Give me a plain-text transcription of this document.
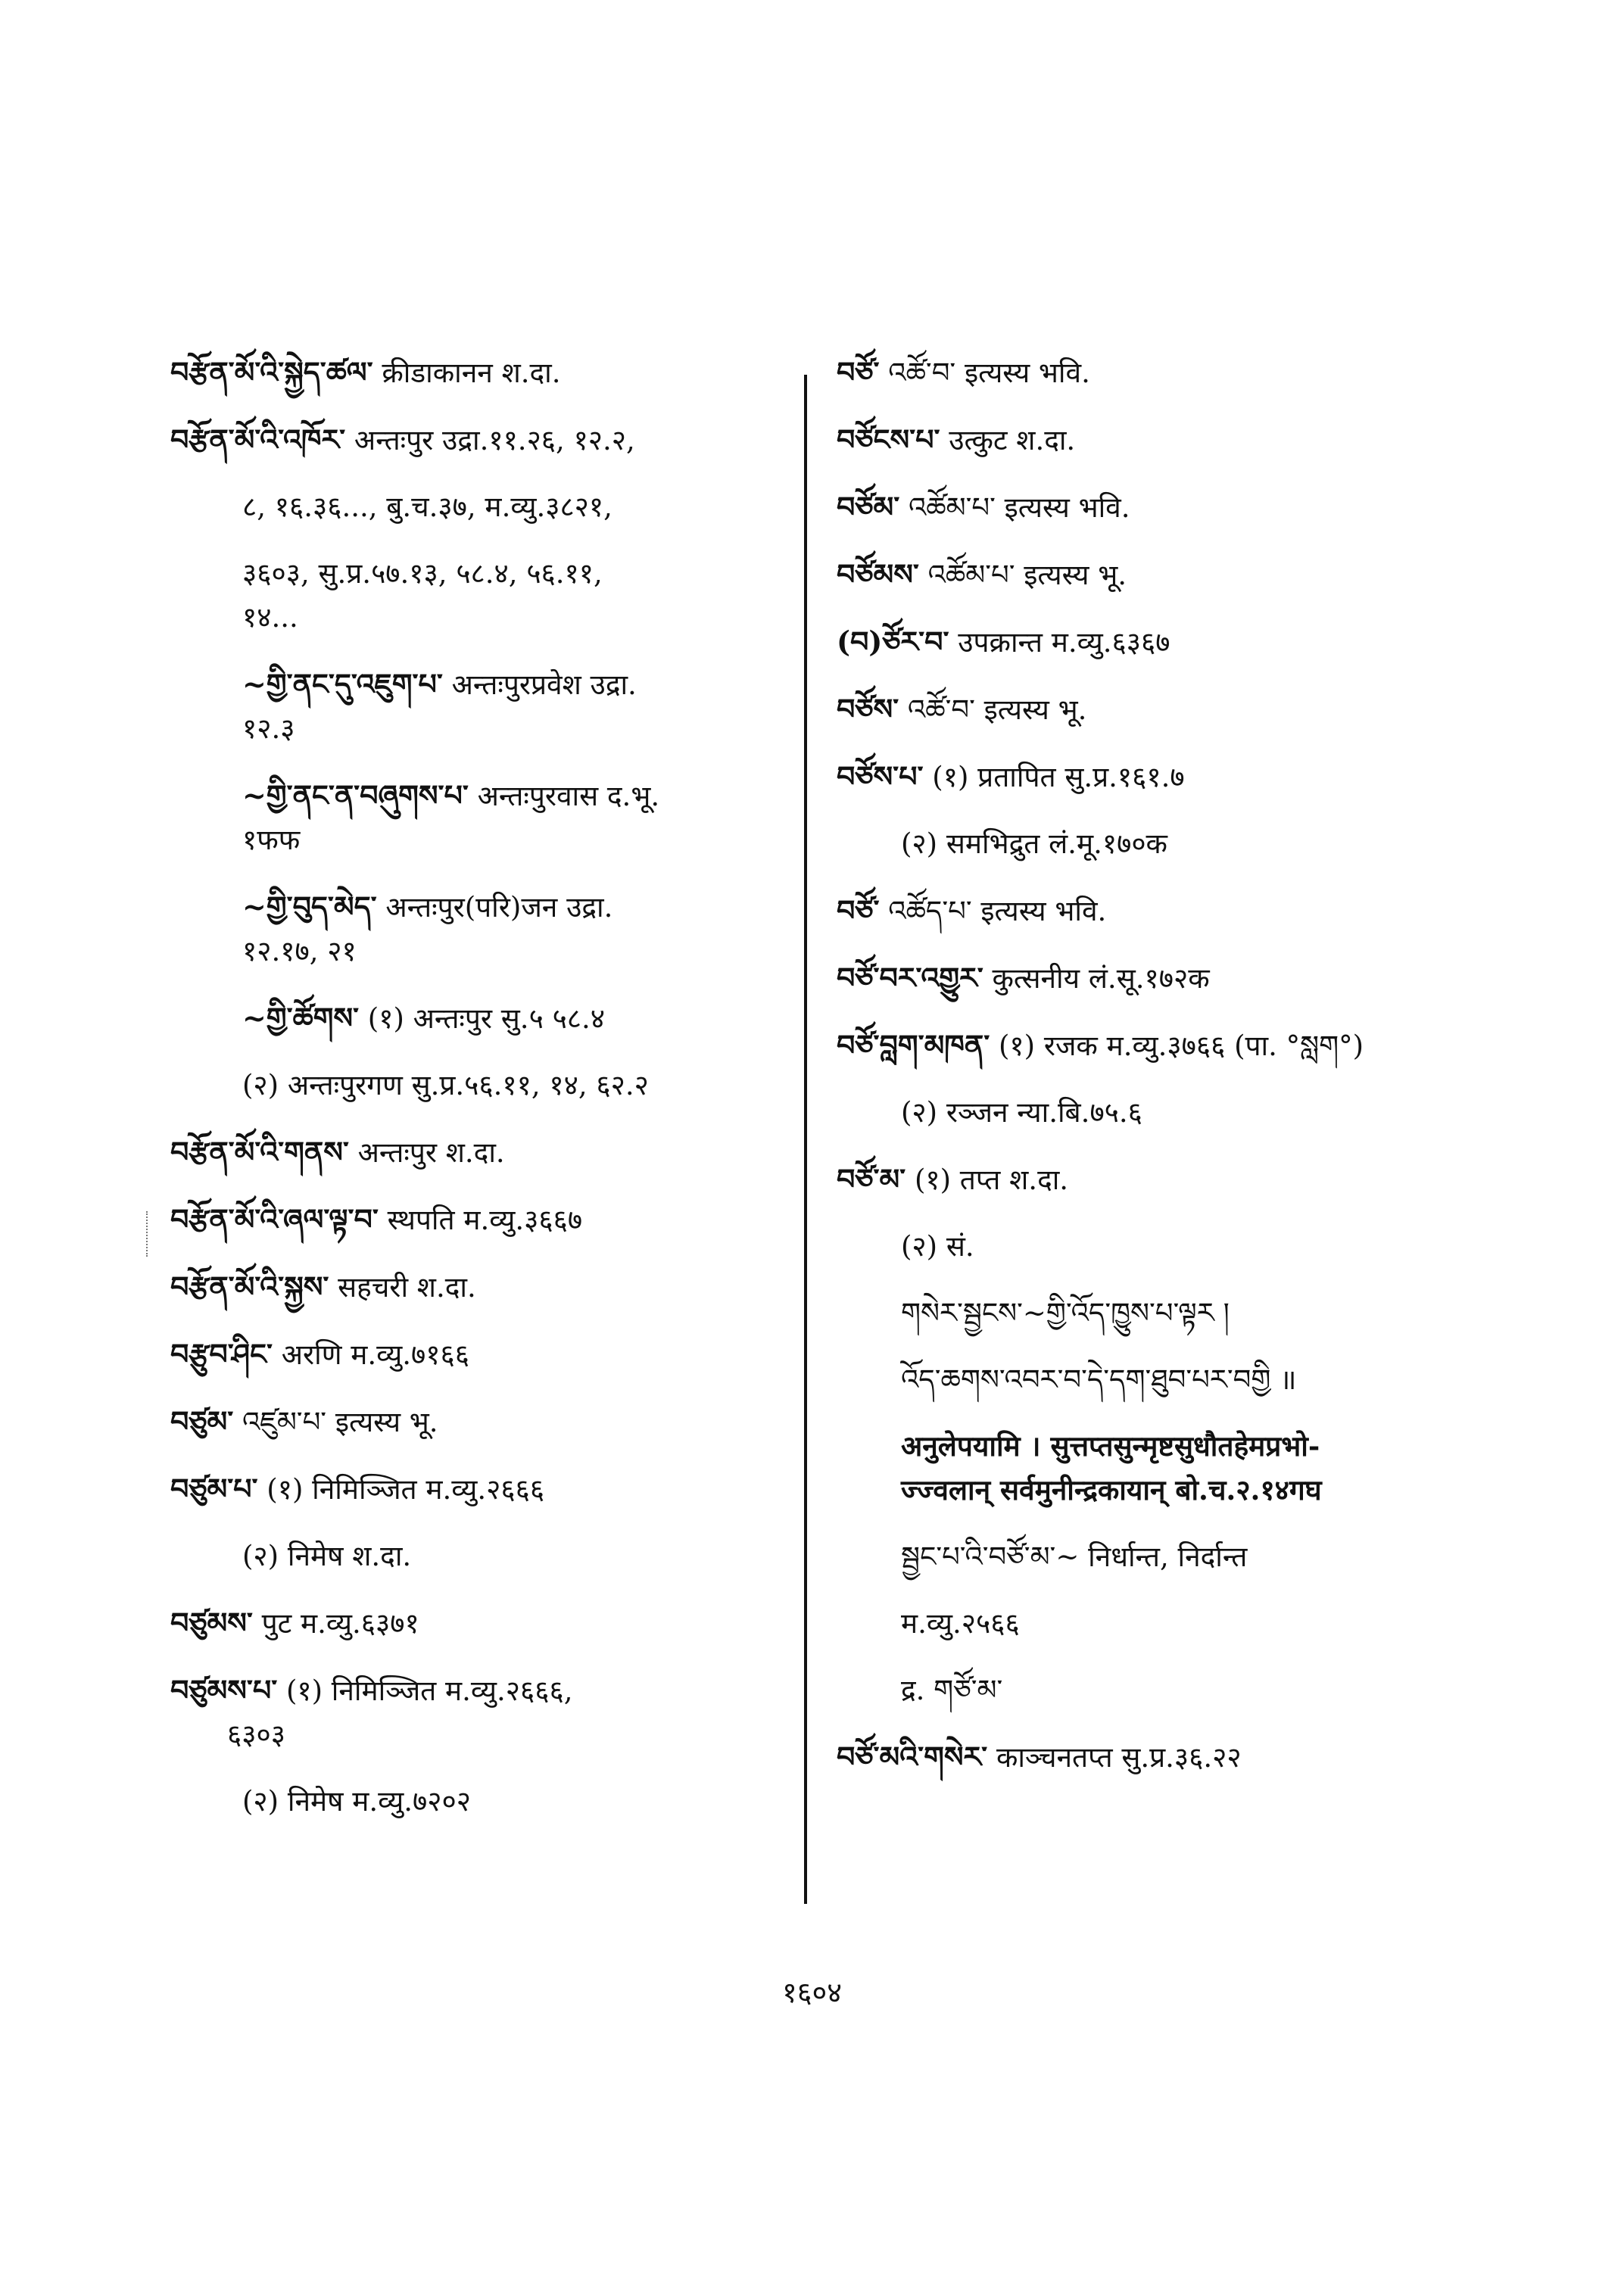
བརྩོན་མོ་འི་སྐྱེད་ཚལ་ क्रीडाकानन श.दा.
བརྩོན་མོ་འི་འཁོར་ अन्तःपुर उद्रा.११.२६, १२.२,
८, १६.३६..., बु.च.३७, म.व्यु.३८२१,
३६०३, सु.प्र.५७.१३, ५८.४, ५६.११,
१४...
~གྱི་ནང་དུ་འཇུག་པ་ अन्तःपुरप्रवेश उद्रा.
१२.३
~གྱི་ནང་ན་བཞུགས་པ་ अन्तःपुरवास द.भू.
१फफ
~གྱི་བུད་མེད་ अन्तःपुर(परि)जन उद्रा.
१२.१७, २१
~གྱི་ཚོགས་ (१) अन्तःपुर सु.५ ५८.४
(२) अन्तःपुरगण सु.प्र.५६.११, १४, ६२.२
བརྩོན་མོ་འི་གནས་ अन्तःपुर श.दा.
བརྩོན་མོ་འི་ཞལ་ལྟ་བ་ स्थपति म.व्यु.३६६७
བརྩོན་མོ་འི་སྐྱས་ सहचरी श.दा.
བརྩུབ་ཤིང་ अरणि म.व्यु.७१६६
བཙུམ་ འཛུམ་པ་ इत्यस्य भू.
བཙུམ་པ་ (१) निमिञ्जित म.व्यु.२६६६
(२) निमेष श.दा.
བཙུམས་ पुट म.व्यु.६३७१
བཙུམས་པ་ (१) निमिञ्जित म.व्यु.२६६६,
६३०३
(२) निमेष म.व्यु.७२०२
བཙོ་ འཚོ་བ་ इत्यस्य भवि.
བཙོངས་པ་ उत्कुट श.दा.
བཙོམ་ འཚོམ་པ་ इत्यस्य भवि.
བཙོམས་ འཚོམ་པ་ इत्यस्य भू.
(བ)ཙོར་བ་ उपक्रान्त म.व्यु.६३६७
བཙོས་ འཚོ་བ་ इत्यस्य भू.
བཙོས་པ་ (१) प्रतापित सु.प्र.१६१.७
(२) समभिद्रुत लं.मू.१७०क
བཙོ་ འཚོད་པ་ इत्यस्य भवि.
བཙོ་བར་འགྱུར་ कुत्सनीय लं.सू.१७२क
བཙོ་བླག་མཁན་ (१) रजक म.व्यु.३७६६ (पा. °སླག°)
(२) रञ्जन न्या.बि.७५.६
བཙོ་མ་ (१) तप्त श.दा.
(२) सं.
གསེར་སྦྱངས་~གྱི་འོད་ཁྱུས་པ་ལྟར །
འོད་ཆགས་འབར་བ་དེ་དག་ཐུབ་པར་བགྱི ॥
अनुलेपयामि । सुत्तप्तसुन्मृष्टसुधौतहेमप्रभो-
ज्ज्वलान् सर्वमुनीन्द्रकायान् बो.च.२.१४गघ
སྦྱང་པ་འི་བཙོ་མ་~ निर्धान्त, निर्दान्त
म.व्यु.२५६६
द्र. གཙོ་མ་
བཙོ་མའི་གསེར་ काञ्चनतप्त सु.प्र.३६.२२
१६०४
